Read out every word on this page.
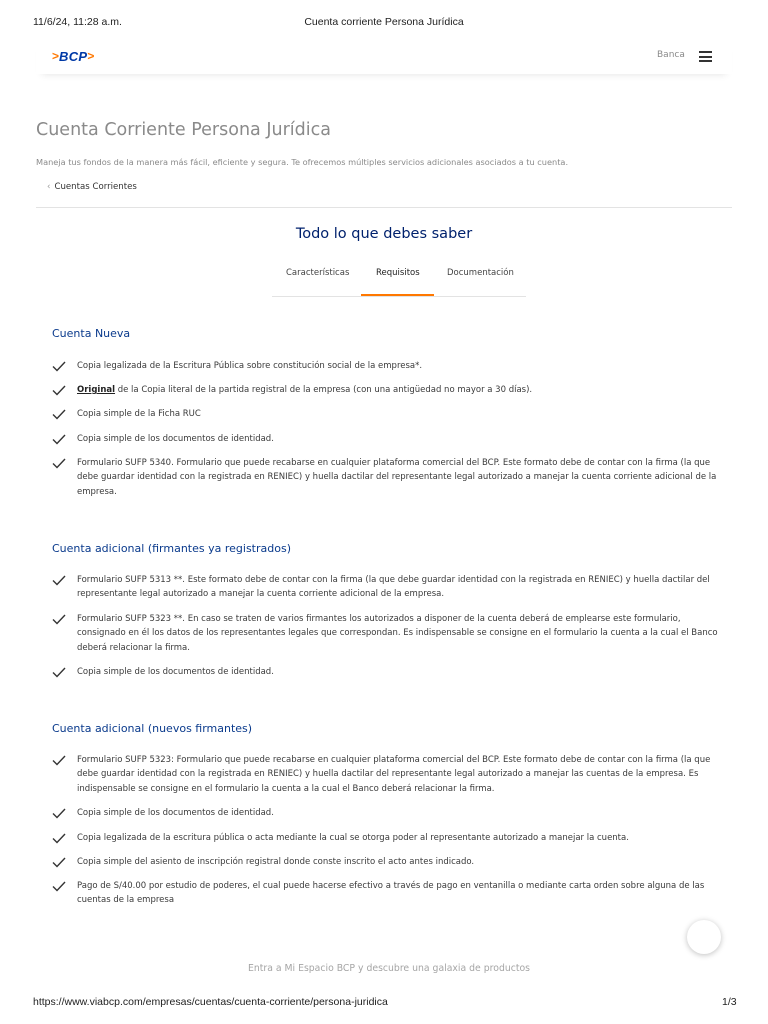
11/6/24, 11:28 a.m.	Cuenta corriente Persona Jurídica
> BCP >	Banca
Cuenta Corriente Persona Jurídica
Maneja tus fondos de la manera más fácil, eficiente y segura. Te ofrecemos múltiples servicios adicionales asociados a tu cuenta.
‹ Cuentas Corrientes
Todo lo que debes saber
Características	Requisitos	Documentación
Cuenta Nueva
Copia legalizada de la Escritura Pública sobre constitución social de la empresa*.
Original de la Copia literal de la partida registral de la empresa (con una antigüedad no mayor a 30 días).
Copia simple de la Ficha RUC
Copia simple de los documentos de identidad.
Formulario SUFP 5340. Formulario que puede recabarse en cualquier plataforma comercial del BCP. Este formato debe de contar con la firma (la que
debe guardar identidad con la registrada en RENIEC) y huella dactilar del representante legal autorizado a manejar la cuenta corriente adicional de la
empresa.
Cuenta adicional (firmantes ya registrados)
Formulario SUFP 5313 **. Este formato debe de contar con la firma (la que debe guardar identidad con la registrada en RENIEC) y huella dactilar del
representante legal autorizado a manejar la cuenta corriente adicional de la empresa.
Formulario SUFP 5323 **. En caso se traten de varios firmantes los autorizados a disponer de la cuenta deberá de emplearse este formulario,
consignado en él los datos de los representantes legales que correspondan. Es indispensable se consigne en el formulario la cuenta a la cual el Banco
deberá relacionar la firma.
Copia simple de los documentos de identidad.
Cuenta adicional (nuevos firmantes)
Formulario SUFP 5323: Formulario que puede recabarse en cualquier plataforma comercial del BCP. Este formato debe de contar con la firma (la que
debe guardar identidad con la registrada en RENIEC) y huella dactilar del representante legal autorizado a manejar las cuentas de la empresa. Es
indispensable se consigne en el formulario la cuenta a la cual el Banco deberá relacionar la firma.
Copia simple de los documentos de identidad.
Copia legalizada de la escritura pública o acta mediante la cual se otorga poder al representante autorizado a manejar la cuenta.
Copia simple del asiento de inscripción registral donde conste inscrito el acto antes indicado.
Pago de S/40.00 por estudio de poderes, el cual puede hacerse efectivo a través de pago en ventanilla o mediante carta orden sobre alguna de las
cuentas de la empresa
Entra a Mi Espacio BCP y descubre una galaxia de productos
https://www.viabcp.com/empresas/cuentas/cuenta-corriente/persona-juridica	1/3
